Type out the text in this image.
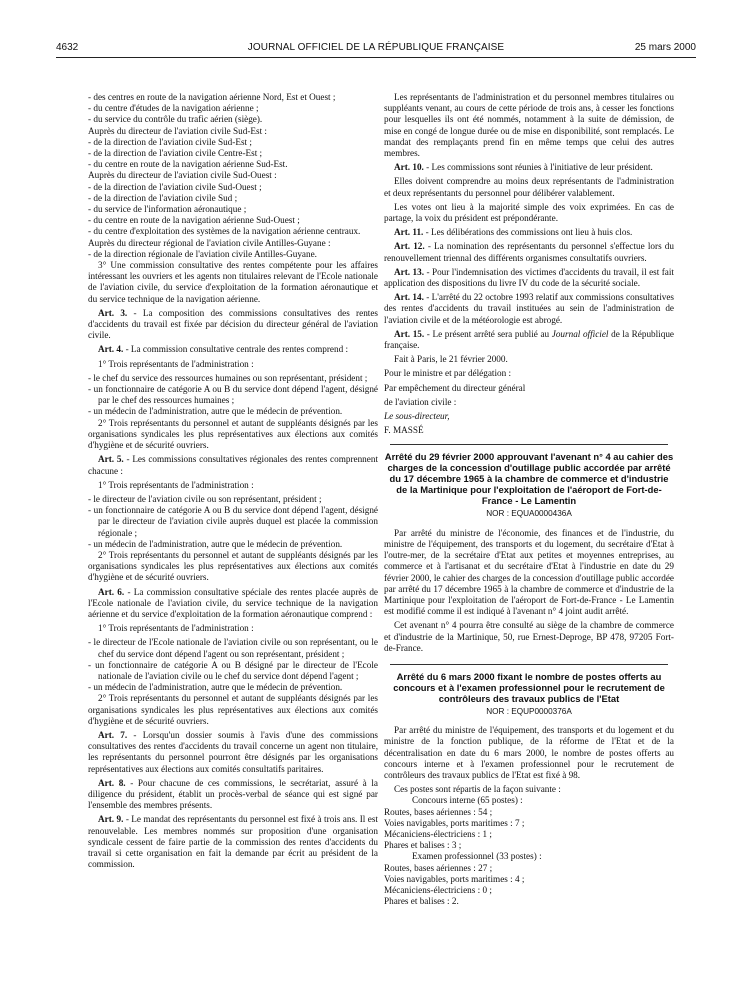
4632	JOURNAL OFFICIEL DE LA RÉPUBLIQUE FRANÇAISE	25 mars 2000

- des centres en route de la navigation aérienne Nord, Est et Ouest ;

- du centre d'études de la navigation aérienne ;

- du service du contrôle du trafic aérien (siège).

Auprès du directeur de l'aviation civile Sud-Est :

- de la direction de l'aviation civile Sud-Est ;

- de la direction de l'aviation civile Centre-Est ;

- du centre en route de la navigation aérienne Sud-Est.

Auprès du directeur de l'aviation civile Sud-Ouest :

- de la direction de l'aviation civile Sud-Ouest ;

- de la direction de l'aviation civile Sud ;

- du service de l'information aéronautique ;

- du centre en route de la navigation aérienne Sud-Ouest ;

- du centre d'exploitation des systèmes de la navigation aérienne centraux.

Auprès du directeur régional de l'aviation civile Antilles-Guyane :

- de la direction régionale de l'aviation civile Antilles-Guyane.

3° Une commission consultative des rentes compétente pour les affaires intéressant les ouvriers et les agents non titulaires relevant de l'Ecole nationale de l'aviation civile, du service d'exploitation de la formation aéronautique et du service technique de la navigation aérienne.

Art. 3. - La composition des commissions consultatives des rentes d'accidents du travail est fixée par décision du directeur général de l'aviation civile.

Art. 4. - La commission consultative centrale des rentes comprend :

1° Trois représentants de l'administration :

- le chef du service des ressources humaines ou son représentant, président ;

- un fonctionnaire de catégorie A ou B du service dont dépend l'agent, désigné par le chef des ressources humaines ;

- un médecin de l'administration, autre que le médecin de prévention.

2° Trois représentants du personnel et autant de suppléants désignés par les organisations syndicales les plus représentatives aux élections aux comités d'hygiène et de sécurité ouvriers.

Art. 5. - Les commissions consultatives régionales des rentes comprennent chacune :

1° Trois représentants de l'administration :

- le directeur de l'aviation civile ou son représentant, président ;

- un fonctionnaire de catégorie A ou B du service dont dépend l'agent, désigné par le directeur de l'aviation civile auprès duquel est placée la commission régionale ;

- un médecin de l'administration, autre que le médecin de prévention.

2° Trois représentants du personnel et autant de suppléants désignés par les organisations syndicales les plus représentatives aux élections aux comités d'hygiène et de sécurité ouvriers.

Art. 6. - La commission consultative spéciale des rentes placée auprès de l'Ecole nationale de l'aviation civile, du service technique de la navigation aérienne et du service d'exploitation de la formation aéronautique comprend :

1° Trois représentants de l'administration :

- le directeur de l'Ecole nationale de l'aviation civile ou son représentant, ou le chef du service dont dépend l'agent ou son représentant, président ;

- un fonctionnaire de catégorie A ou B désigné par le directeur de l'Ecole nationale de l'aviation civile ou le chef du service dont dépend l'agent ;

- un médecin de l'administration, autre que le médecin de prévention.

2° Trois représentants du personnel et autant de suppléants désignés par les organisations syndicales les plus représentatives aux élections aux comités d'hygiène et de sécurité ouvriers.

Art. 7. - Lorsqu'un dossier soumis à l'avis d'une des commissions consultatives des rentes d'accidents du travail concerne un agent non titulaire, les représentants du personnel pourront être désignés par les organisations représentatives aux élections aux comités consultatifs paritaires.

Art. 8. - Pour chacune de ces commissions, le secrétariat, assuré à la diligence du président, établit un procès-verbal de séance qui est signé par l'ensemble des membres présents.

Art. 9. - Le mandat des représentants du personnel est fixé à trois ans. Il est renouvelable. Les membres nommés sur proposition d'une organisation syndicale cessent de faire partie de la commission des rentes d'accidents du travail si cette organisation en fait la demande par écrit au président de la commission.

Les représentants de l'administration et du personnel membres titulaires ou suppléants venant, au cours de cette période de trois ans, à cesser les fonctions pour lesquelles ils ont été nommés, notamment à la suite de démission, de mise en congé de longue durée ou de mise en disponibilité, sont remplacés. Le mandat des remplaçants prend fin en même temps que celui des autres membres.

Art. 10. - Les commissions sont réunies à l'initiative de leur président.

Elles doivent comprendre au moins deux représentants de l'administration et deux représentants du personnel pour délibérer valablement.

Les votes ont lieu à la majorité simple des voix exprimées. En cas de partage, la voix du président est prépondérante.

Art. 11. - Les délibérations des commissions ont lieu à huis clos.

Art. 12. - La nomination des représentants du personnel s'effectue lors du renouvellement triennal des différents organismes consultatifs ouvriers.

Art. 13. - Pour l'indemnisation des victimes d'accidents du travail, il est fait application des dispositions du livre IV du code de la sécurité sociale.

Art. 14. - L'arrêté du 22 octobre 1993 relatif aux commissions consultatives des rentes d'accidents du travail instituées au sein de l'administration de l'aviation civile et de la météorologie est abrogé.

Art. 15. - Le présent arrêté sera publié au Journal officiel de la République française.

Fait à Paris, le 21 février 2000.

Pour le ministre et par délégation :

Par empêchement du directeur général

de l'aviation civile :

Le sous-directeur,

F. MASSÉ

Arrêté du 29 février 2000 approuvant l'avenant n° 4 au cahier des charges de la concession d'outillage public accordée par arrêté du 17 décembre 1965 à la chambre de commerce et d'industrie de la Martinique pour l'exploitation de l'aéroport de Fort-de-France - Le Lamentin
NOR : EQUA0000436A

Par arrêté du ministre de l'économie, des finances et de l'industrie, du ministre de l'équipement, des transports et du logement, du secrétaire d'Etat à l'outre-mer, de la secrétaire d'Etat aux petites et moyennes entreprises, au commerce et à l'artisanat et du secrétaire d'Etat à l'industrie en date du 29 février 2000, le cahier des charges de la concession d'outillage public accordée par arrêté du 17 décembre 1965 à la chambre de commerce et d'industrie de la Martinique pour l'exploitation de l'aéroport de Fort-de-France - Le Lamentin est modifié comme il est indiqué à l'avenant n° 4 joint audit arrêté.

Cet avenant n° 4 pourra être consulté au siège de la chambre de commerce et d'industrie de la Martinique, 50, rue Ernest-Deproge, BP 478, 97205 Fort-de-France.

Arrêté du 6 mars 2000 fixant le nombre de postes offerts au concours et à l'examen professionnel pour le recrutement de contrôleurs des travaux publics de l'Etat
NOR : EQUP0000376A

Par arrêté du ministre de l'équipement, des transports et du logement et du ministre de la fonction publique, de la réforme de l'Etat et de la décentralisation en date du 6 mars 2000, le nombre de postes offerts au concours interne et à l'examen professionnel pour le recrutement de contrôleurs des travaux publics de l'Etat est fixé à 98.

Ces postes sont répartis de la façon suivante :

Concours interne (65 postes) :

Routes, bases aériennes : 54 ;

Voies navigables, ports maritimes : 7 ;

Mécaniciens-électriciens : 1 ;

Phares et balises : 3 ;

Examen professionnel (33 postes) :

Routes, bases aériennes : 27 ;

Voies navigables, ports maritimes : 4 ;

Mécaniciens-électriciens : 0 ;

Phares et balises : 2.
